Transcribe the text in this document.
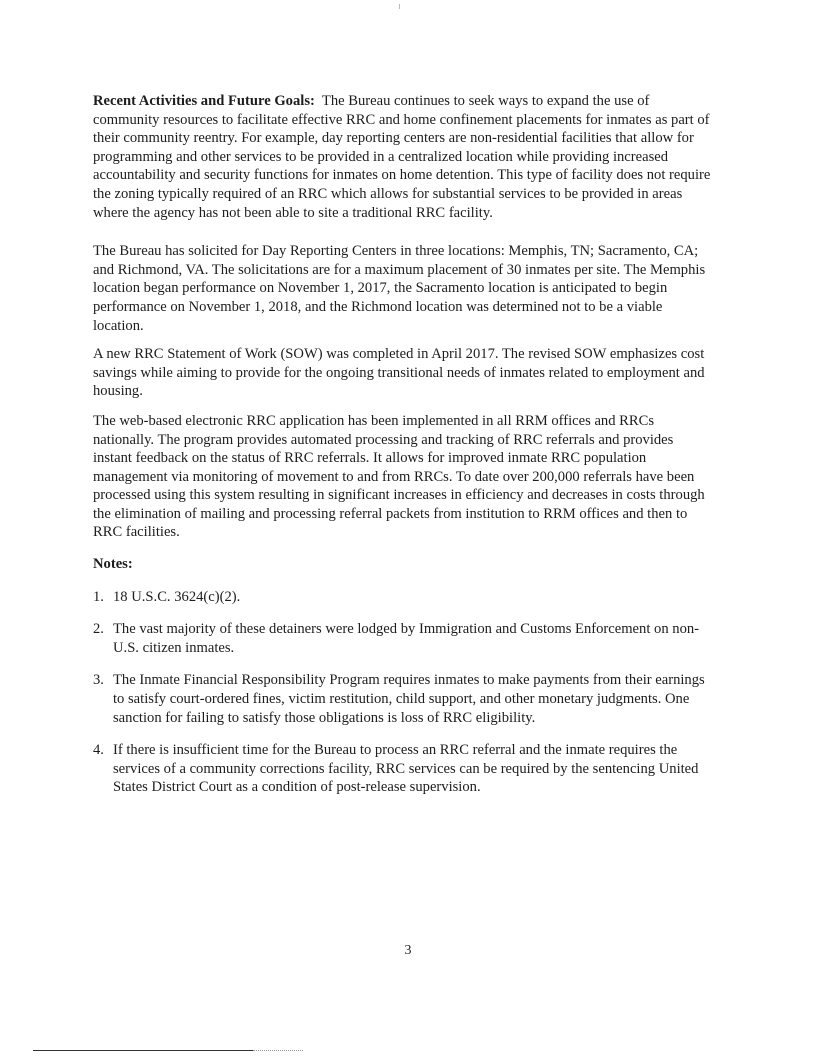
Recent Activities and Future Goals: The Bureau continues to seek ways to expand the use of community resources to facilitate effective RRC and home confinement placements for inmates as part of their community reentry. For example, day reporting centers are non-residential facilities that allow for programming and other services to be provided in a centralized location while providing increased accountability and security functions for inmates on home detention. This type of facility does not require the zoning typically required of an RRC which allows for substantial services to be provided in areas where the agency has not been able to site a traditional RRC facility.

The Bureau has solicited for Day Reporting Centers in three locations: Memphis, TN; Sacramento, CA; and Richmond, VA. The solicitations are for a maximum placement of 30 inmates per site. The Memphis location began performance on November 1, 2017, the Sacramento location is anticipated to begin performance on November 1, 2018, and the Richmond location was determined not to be a viable location.

A new RRC Statement of Work (SOW) was completed in April 2017. The revised SOW emphasizes cost savings while aiming to provide for the ongoing transitional needs of inmates related to employment and housing.

The web-based electronic RRC application has been implemented in all RRM offices and RRCs nationally. The program provides automated processing and tracking of RRC referrals and provides instant feedback on the status of RRC referrals. It allows for improved inmate RRC population management via monitoring of movement to and from RRCs. To date over 200,000 referrals have been processed using this system resulting in significant increases in efficiency and decreases in costs through the elimination of mailing and processing referral packets from institution to RRM offices and then to RRC facilities.

Notes:
1. 18 U.S.C. 3624(c)(2).
2. The vast majority of these detainers were lodged by Immigration and Customs Enforcement on non-U.S. citizen inmates.
3. The Inmate Financial Responsibility Program requires inmates to make payments from their earnings to satisfy court-ordered fines, victim restitution, child support, and other monetary judgments. One sanction for failing to satisfy those obligations is loss of RRC eligibility.
4. If there is insufficient time for the Bureau to process an RRC referral and the inmate requires the services of a community corrections facility, RRC services can be required by the sentencing United States District Court as a condition of post-release supervision.
3
